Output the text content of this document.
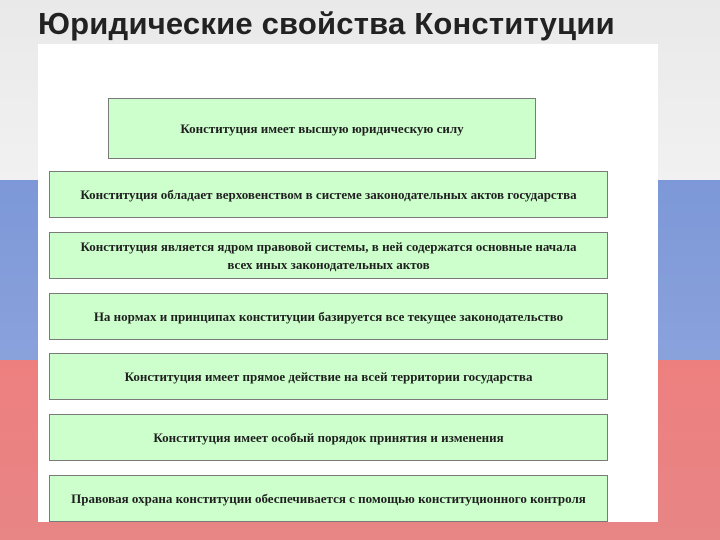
Юридические свойства Конституции
Конституция имеет высшую юридическую силу
Конституция обладает верховенством в системе законодательных актов государства
Конституция является ядром правовой системы, в ней содержатся основные начала всех иных законодательных актов
На нормах и принципах конституции базируется все текущее законодательство
Конституция имеет прямое действие на всей территории государства
Конституция имеет особый порядок принятия и изменения
Правовая охрана конституции обеспечивается с помощью конституционного контроля
